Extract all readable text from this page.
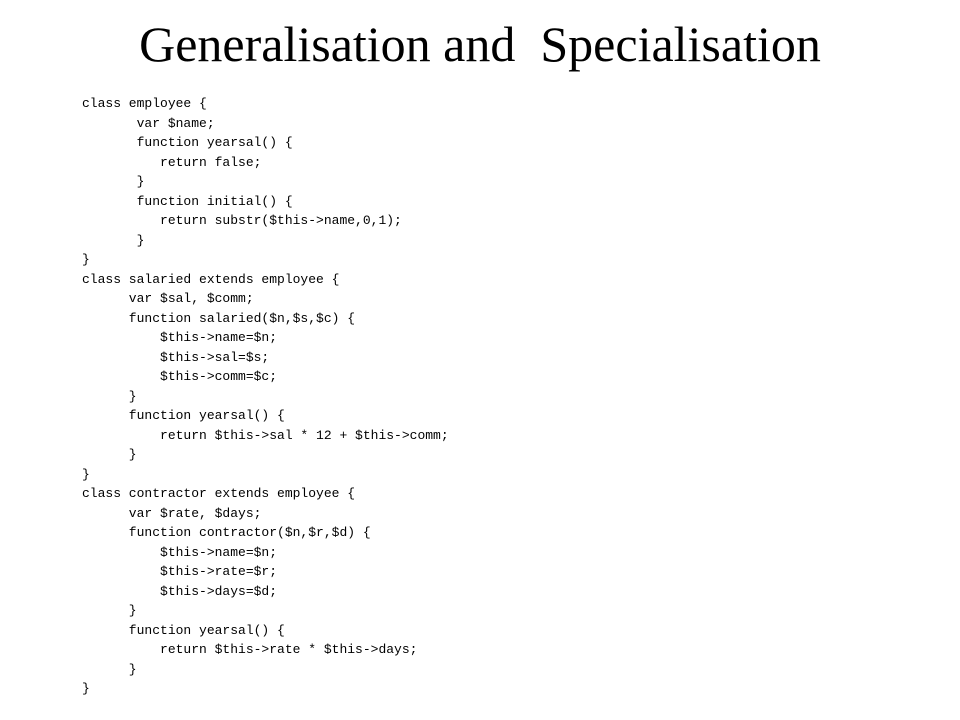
Generalisation and  Specialisation
class employee {
var $name;
function yearsal() {
return false;
}
function initial() {
return substr($this->name,0,1);
}
}
class salaried extends employee {
var $sal, $comm;
function salaried($n,$s,$c) {
$this->name=$n;
$this->sal=$s;
$this->comm=$c;
}
function yearsal() {
return $this->sal * 12 + $this->comm;
}
}
class contractor extends employee {
var $rate, $days;
function contractor($n,$r,$d) {
$this->name=$n;
$this->rate=$r;
$this->days=$d;
}
function yearsal() {
return $this->rate * $this->days;
}
}
